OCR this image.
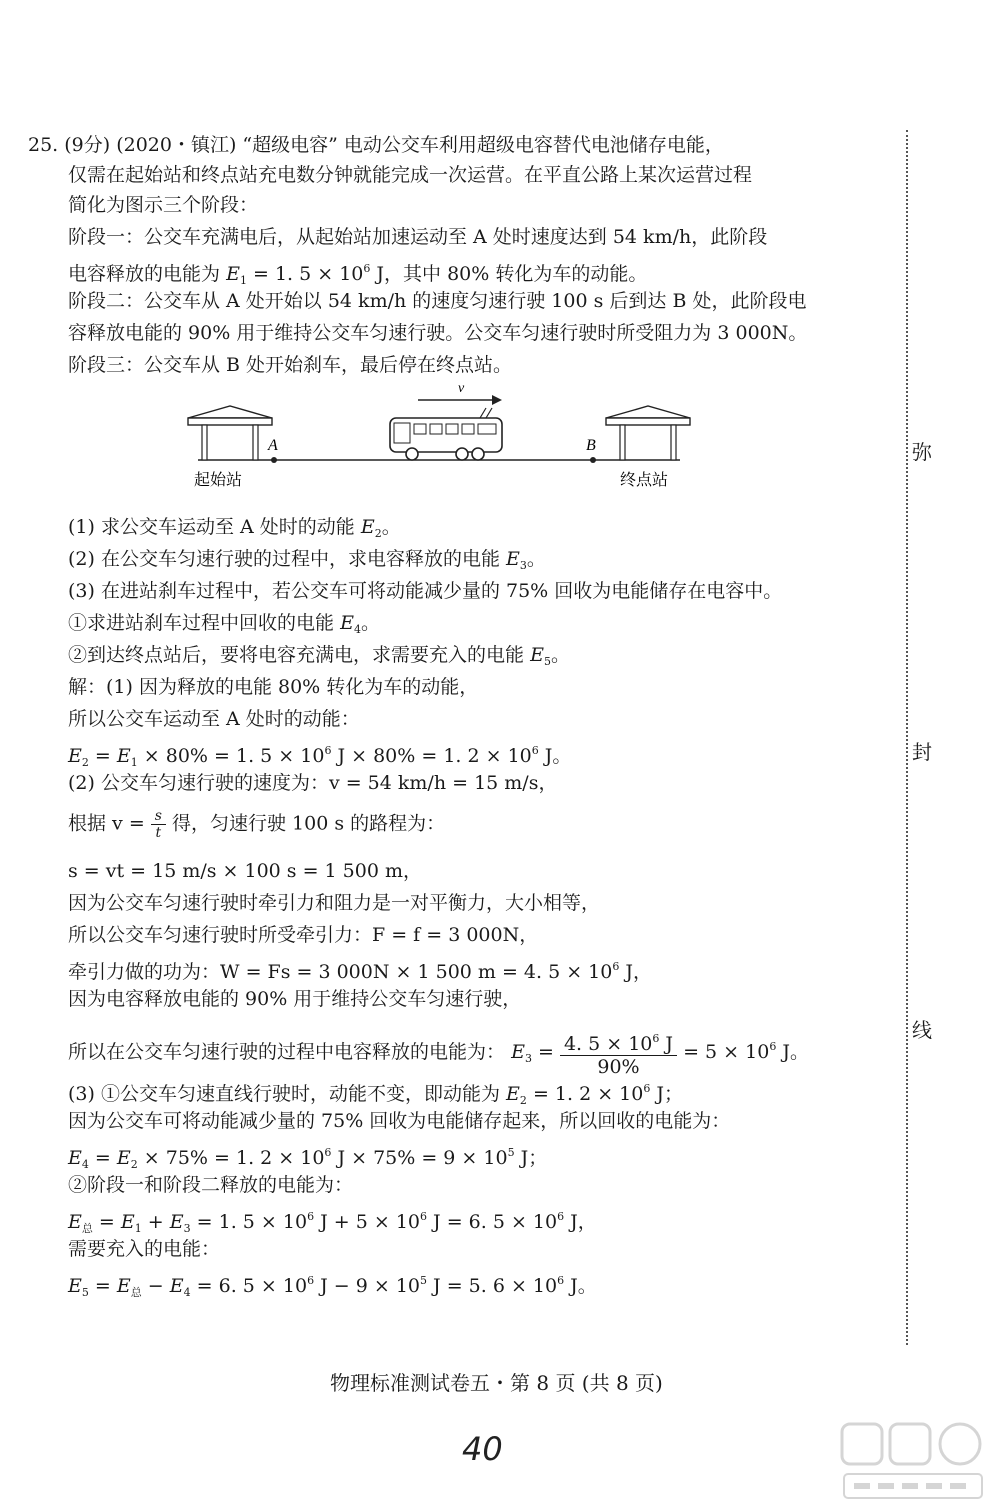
25. (9分) (2020・镇江) “超级电容” 电动公交车利用超级电容替代电池储存电能，
仅需在起始站和终点站充电数分钟就能完成一次运营。在平直公路上某次运营过程
简化为图示三个阶段：
阶段一：公交车充满电后，从起始站加速运动至 A 处时速度达到 54 km/h，此阶段
电容释放的电能为 $E_1 = 1$. $5 \times 10^6$ J，其中 80% 转化为车的动能。
阶段二：公交车从 A 处开始以 54 km/h 的速度匀速行驶 100 s 后到达 B 处，此阶段电
容释放电能的 90% 用于维持公交车匀速行驶。公交车匀速行驶时所受阻力为 3 000N。
阶段三：公交车从 B 处开始刹车，最后停在终点站。
A	B
v
起始站	终点站
(1) 求公交车运动至 A 处时的动能 $E_2$。
(2) 在公交车匀速行驶的过程中，求电容释放的电能 $E_3$。
(3) 在进站刹车过程中，若公交车可将动能减少量的 75% 回收为电能储存在电容中。
①求进站刹车过程中回收的电能 $E_4$。
②到达终点站后，要将电容充满电，求需要充入的电能 $E_5$。
解：(1) 因为释放的电能 80% 转化为车的动能，
所以公交车运动至 A 处时的动能：
$E_2 = E_1 \times 80\% = 1$. $5 \times 10^6$ J × 80% = 1. $2 \times 10^6$ J。
(2) 公交车匀速行驶的速度为：v = 54 km/h = 15 m/s，
根据 $v = \frac{s}{t}$ 得，匀速行驶 100 s 的路程为：
s = vt = 15 m/s × 100 s = 1 500 m，
因为公交车匀速行驶时牵引力和阻力是一对平衡力，大小相等，
所以公交车匀速行驶时所受牵引力：F = f = 3 000N，
牵引力做的功为：W = Fs = 3 000N × 1 500 m = 4. $5 \times 10^6$ J，
因为电容释放电能的 90% 用于维持公交车匀速行驶，
所以在公交车匀速行驶的过程中电容释放的电能为： $E_3 = \frac{4. 5 \times 10^6 J}{90\%} = 5 \times 10^6$ J。
(3) ①公交车匀速直线行驶时，动能不变，即动能为 $E_2 = 1$. $2 \times 10^6$ J；
因为公交车可将动能减少量的 75% 回收为电能储存起来，所以回收的电能为：
$E_4 = E_2 \times 75\% = 1$. $2 \times 10^6$ $J \times 75\% = 9 \times 10^5$ J；
②阶段一和阶段二释放的电能为：
$E_总 = E_1 + E_3 = 1$. $5 \times 10^6$ $J + 5 \times 10^6$ J = 6. $5 \times 10^6$ J，
需要充入的电能：
$E_5 = E_总 - E_4 = 6$. $5 \times 10^6$ $J - 9 \times 10^5$ J = 5. $6 \times 10^6$ J。
弥
封
线
物理标准测试卷五・第 8 页 (共 8 页)
40
